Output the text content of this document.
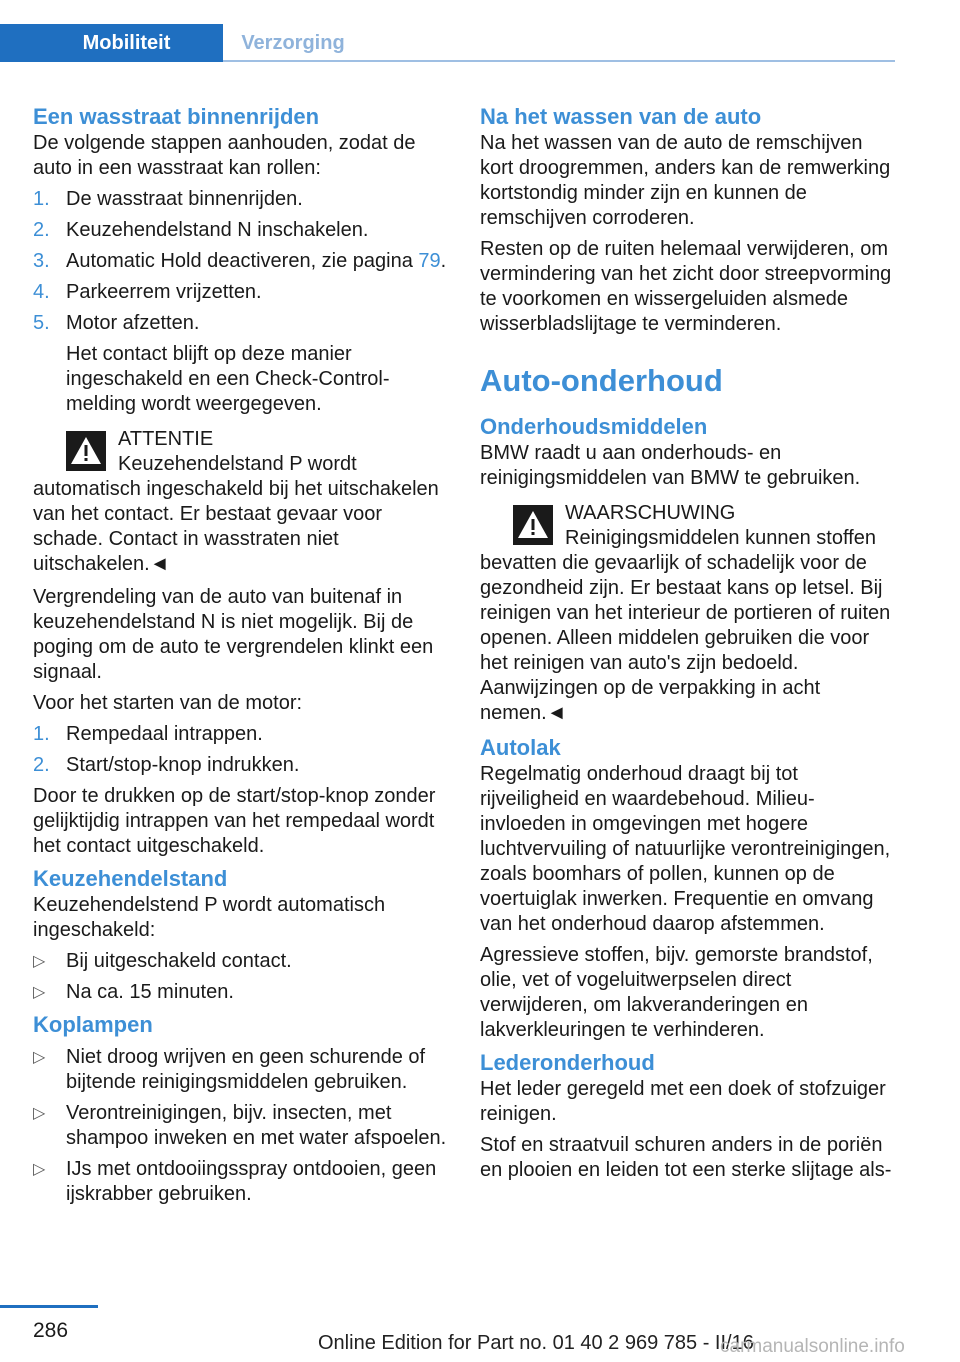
Mobiliteit	Verzorging
Een wasstraat binnenrijden

De volgende stappen aanhouden, zodat de auto in een wasstraat kan rollen:

1. De wasstraat binnenrijden.
2. Keuzehendelstand N inschakelen.
3. Automatic Hold deactiveren, zie pagina 79.
4. Parkeerrem vrijzetten.
5. Motor afzetten.
Het contact blijft op deze manier ingeschakeld en een Check-Control-melding wordt weergegeven.
ATTENTIE
Keuzehendelstand P wordt automatisch ingeschakeld bij het uitschakelen van het contact. Er bestaat gevaar voor schade. Contact in wasstraten niet uitschakelen.◄

Vergrendeling van de auto van buitenaf in keuzehendelstand N is niet mogelijk. Bij de poging om de auto te vergrendelen klinkt een signaal.

Voor het starten van de motor:

1. Rempedaal intrappen.
2. Start/stop-knop indrukken.

Door te drukken op de start/stop-knop zonder gelijktijdig intrappen van het rempedaal wordt het contact uitgeschakeld.

Keuzehendelstand

Keuzehendelstend P wordt automatisch ingeschakeld:

▷ Bij uitgeschakeld contact.
▷ Na ca. 15 minuten.
Koplampen
▷ Niet droog wrijven en geen schurende of bijtende reinigingsmiddelen gebruiken.
▷ Verontreinigingen, bijv. insecten, met shampoo inweken en met water afspoelen.
▷ IJs met ontdooiingsspray ontdooien, geen ijskrabber gebruiken.
Na het wassen van de auto

Na het wassen van de auto de remschijven kort droogremmen, anders kan de remwerking kortstondig minder zijn en kunnen de remschijven corroderen.

Resten op de ruiten helemaal verwijderen, om vermindering van het zicht door streepvorming te voorkomen en wissergeluiden alsmede wisserbladslijtage te verminderen.

Auto-onderhoud
Onderhoudsmiddelen

BMW raadt u aan onderhouds- en reinigingsmiddelen van BMW te gebruiken.

WAARSCHUWING
Reinigingsmiddelen kunnen stoffen bevatten die gevaarlijk of schadelijk voor de gezondheid zijn. Er bestaat kans op letsel. Bij reinigen van het interieur de portieren of ruiten openen. Alleen middelen gebruiken die voor het reinigen van auto's zijn bedoeld. Aanwijzingen op de verpakking in acht nemen.◄
Autolak

Regelmatig onderhoud draagt bij tot rijveiligheid en waardebehoud. Milieu-invloeden in omgevingen met hogere luchtvervuiling of natuurlijke verontreinigingen, zoals boomhars of pollen, kunnen op de voertuiglak inwerken. Frequentie en omvang van het onderhoud daarop afstemmen.

Agressieve stoffen, bijv. gemorste brandstof, olie, vet of vogeluitwerpselen direct verwijderen, om lakveranderingen en lakverkleuringen te verhinderen.

Lederonderhoud

Het leder geregeld met een doek of stofzuiger reinigen.

Stof en straatvuil schuren anders in de poriën en plooien en leiden tot een sterke slijtage als-

286
Online Edition for Part no. 01 40 2 969 785 - II/16
carmanualsonline.info
